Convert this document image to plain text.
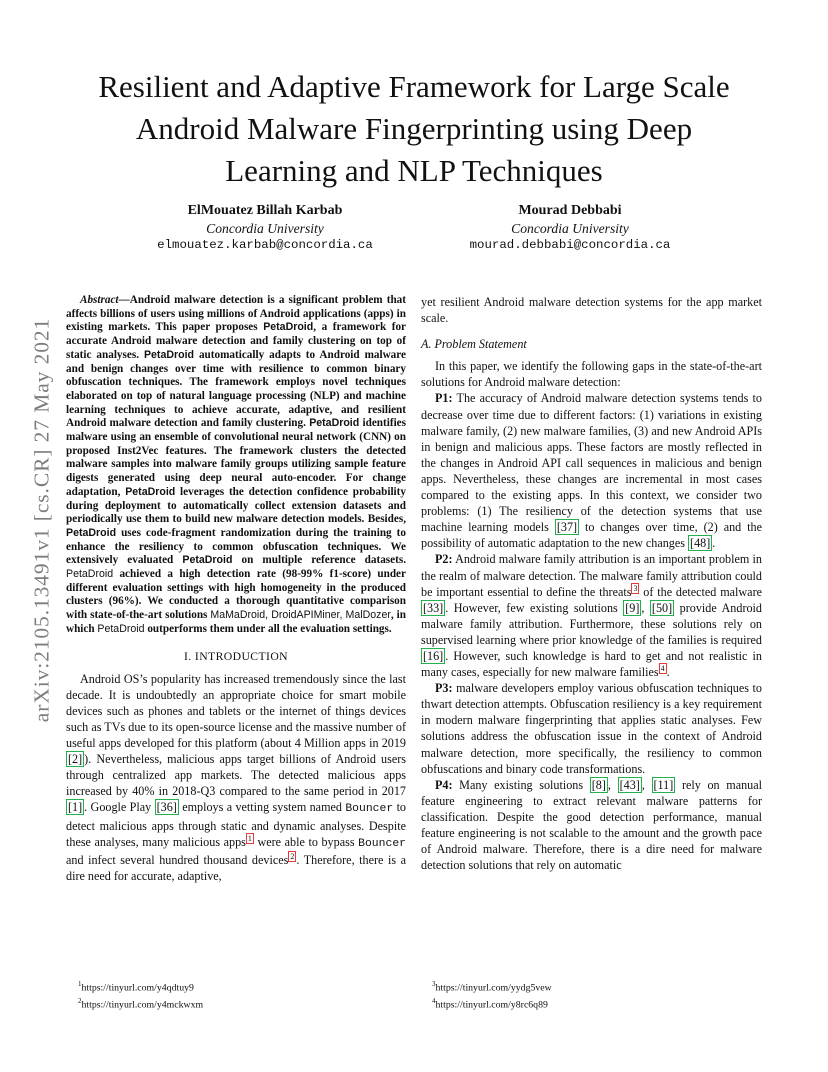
arXiv:2105.13491v1 [cs.CR] 27 May 2021
Resilient and Adaptive Framework for Large Scale
Android Malware Fingerprinting using Deep
Learning and NLP Techniques
ElMouatez Billah Karbab
Concordia University
elmouatez.karbab@concordia.ca
Mourad Debbabi
Concordia University
mourad.debbabi@concordia.ca

Abstract—Android malware detection is a significant problem that affects billions of users using millions of Android applications (apps) in existing markets. This paper proposes PetaDroid, a framework for accurate Android malware detection and family clustering on top of static analyses. PetaDroid automatically adapts to Android malware and benign changes over time with resilience to common binary obfuscation techniques. The framework employs novel techniques elaborated on top of natural language processing (NLP) and machine learning techniques to achieve accurate, adaptive, and resilient Android malware detection and family clustering. PetaDroid identifies malware using an ensemble of convolutional neural network (CNN) on proposed Inst2Vec features. The framework clusters the detected malware samples into malware family groups utilizing sample feature digests generated using deep neural auto-encoder. For change adaptation, PetaDroid leverages the detection confidence probability during deployment to automatically collect extension datasets and periodically use them to build new malware detection models. Besides, PetaDroid uses code-fragment randomization during the training to enhance the resiliency to common obfuscation techniques. We extensively evaluated PetaDroid on multiple reference datasets. PetaDroid achieved a high detection rate (98-99% f1-score) under different evaluation settings with high homogeneity in the produced clusters (96%). We conducted a thorough quantitative comparison with state-of-the-art solutions MaMaDroid, DroidAPIMiner, MalDozer, in which PetaDroid outperforms them under all the evaluation settings.

I. INTRODUCTION

Android OS’s popularity has increased tremendously since the last decade. It is undoubtedly an appropriate choice for smart mobile devices such as phones and tablets or the internet of things devices such as TVs due to its open-source license and the massive number of useful apps developed for this platform (about 4 Million apps in 2019 [2] ). Nevertheless, malicious apps target billions of Android users through centralized app markets. The detected malicious apps increased by 40% in 2018-Q3 compared to the same period in 2017 [1] . Google Play [36] employs a vetting system named Bouncer to detect malicious apps through static and dynamic analyses. Despite these analyses, many malicious apps $^1$ were able to bypass Bouncer and infect several hundred thousand devices $^2$ . Therefore, there is a dire need for accurate, adaptive,

yet resilient Android malware detection systems for the app market scale.

A. Problem Statement

In this paper, we identify the following gaps in the state-of-the-art solutions for Android malware detection:

P1: The accuracy of Android malware detection systems tends to decrease over time due to different factors: (1) variations in existing malware family, (2) new malware families, (3) and new Android APIs in benign and malicious apps. These factors are mostly reflected in the changes in Android API call sequences in malicious and benign apps. Nevertheless, these changes are incremental in most cases compared to the existing apps. In this context, we consider two problems: (1) The resiliency of the detection systems that use machine learning models [37] to changes over time, (2) and the possibility of automatic adaptation to the new changes [48] .

P2: Android malware family attribution is an important problem in the realm of malware detection. The malware family attribution could be important essential to define the threats $^3$ of the detected malware [33] . However, few existing solutions [9] , [50] provide Android malware family attribution. Furthermore, these solutions rely on supervised learning where prior knowledge of the families is required [16] . However, such knowledge is hard to get and not realistic in many cases, especially for new malware families $^4$ .

P3: malware developers employ various obfuscation techniques to thwart detection attempts. Obfuscation resiliency is a key requirement in modern malware fingerprinting that applies static analyses. Few solutions address the obfuscation issue in the context of Android malware detection, more specifically, the resiliency to common obfuscations and binary code transformations.

P4: Many existing solutions [8] , [43] , [11] rely on manual feature engineering to extract relevant malware patterns for classification. Despite the good detection performance, manual feature engineering is not scalable to the amount and the growth pace of Android malware. Therefore, there is a dire need for malware detection solutions that rely on automatic

$^1$https://tinyurl.com/y4qdtuy9
$^2$https://tinyurl.com/y4mckwxm
$^3$https://tinyurl.com/yydg5vew
$^4$https://tinyurl.com/y8rc6q89
